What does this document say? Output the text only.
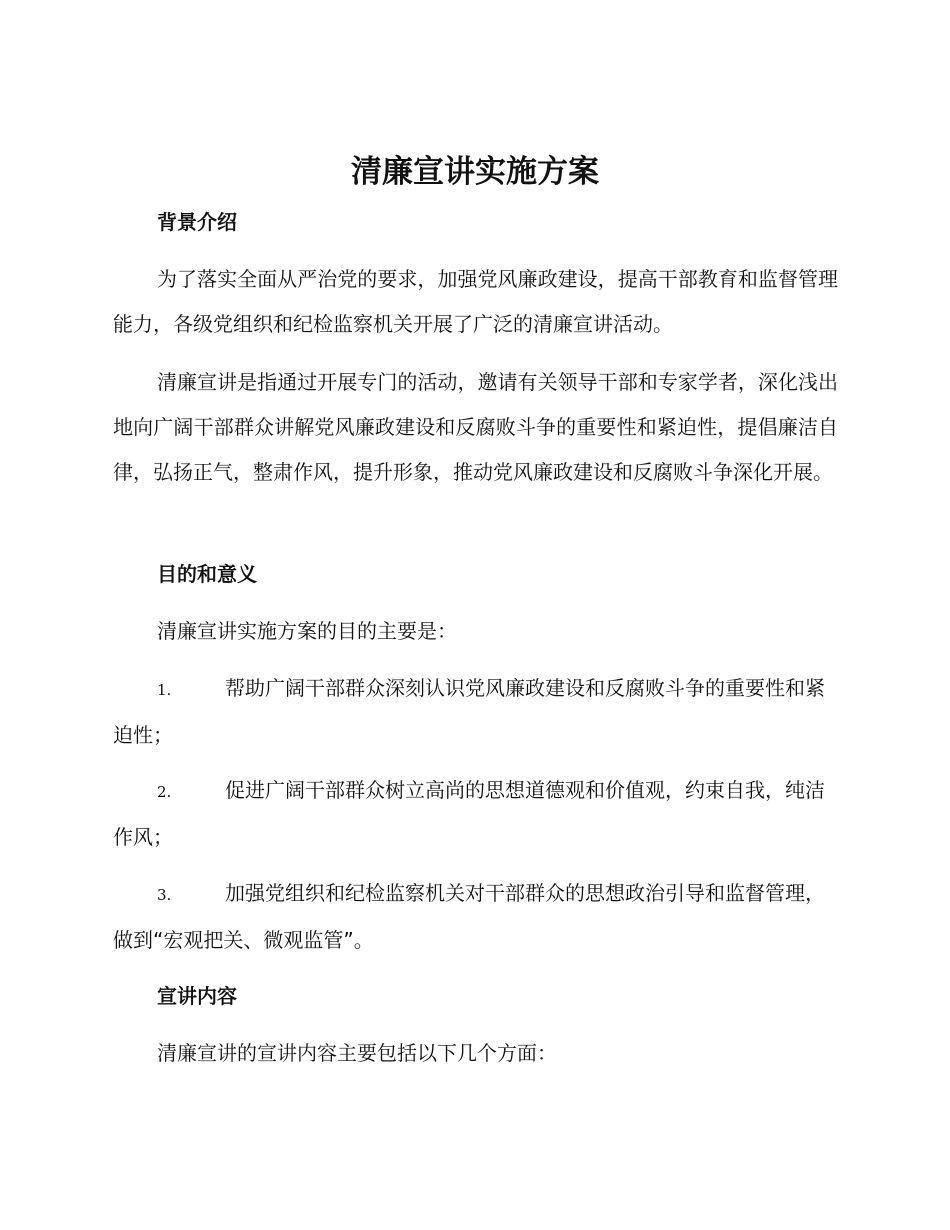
清廉宣讲实施方案
背景介绍

为了落实全面从严治党的要求，加强党风廉政建设，提高干部教育和监督管理能力，各级党组织和纪检监察机关开展了广泛的清廉宣讲活动。

清廉宣讲是指通过开展专门的活动，邀请有关领导干部和专家学者，深化浅出地向广阔干部群众讲解党风廉政建设和反腐败斗争的重要性和紧迫性，提倡廉洁自律，弘扬正气，整肃作风，提升形象，推动党风廉政建设和反腐败斗争深化开展。

目的和意义

清廉宣讲实施方案的目的主要是：

1.	帮助广阔干部群众深刻认识党风廉政建设和反腐败斗争的重要性和紧迫性；

2.	促进广阔干部群众树立高尚的思想道德观和价值观，约束自我，纯洁作风；

3.	加强党组织和纪检监察机关对干部群众的思想政治引导和监督管理，做到“宏观把关、微观监管”。

宣讲内容

清廉宣讲的宣讲内容主要包括以下几个方面：
